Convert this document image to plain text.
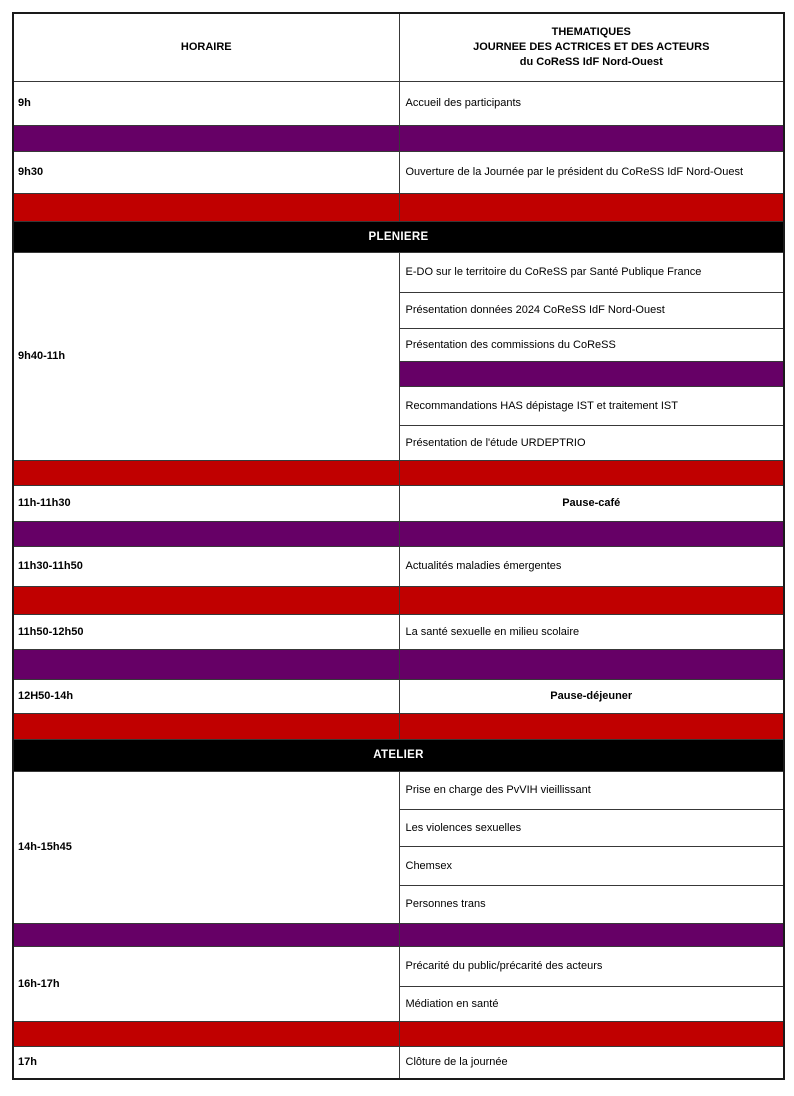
HORAIRE	THEMATIQUES
JOURNEE DES ACTRICES ET DES ACTEURS
du CoReSS IdF Nord-Ouest

9h	Accueil des participants

9h30	Ouverture de la Journée par le président du CoReSS IdF Nord-Ouest

PLENIERE	
9h40-11h	E-DO sur le territoire du CoReSS par Santé Publique France
	Présentation données 2024 CoReSS IdF Nord-Ouest
	Présentation des commissions du CoReSS

	Recommandations HAS dépistage IST et traitement IST
	Présentation de l'étude URDEPTRIO

11h-11h30	Pause-café

11h30-11h50	Actualités maladies émergentes

11h50-12h50	La santé sexuelle en milieu scolaire

12H50-14h	Pause-déjeuner

ATELIER	
14h-15h45	Prise en charge des PvVIH vieillissant
	Les violences sexuelles
	Chemsex
	Personnes trans

16h-17h	Précarité du public/précarité des acteurs
	Médiation en santé

17h	Clôture de la journée
